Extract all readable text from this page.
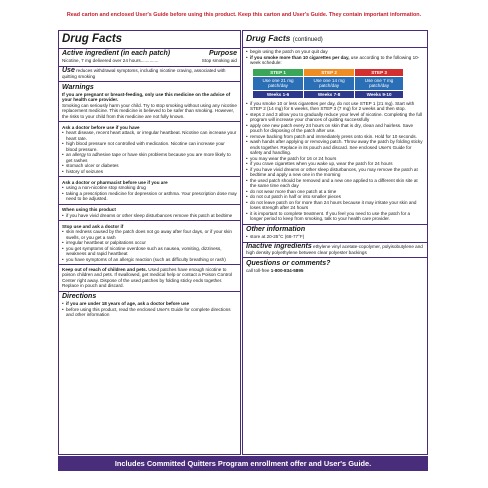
Read carton and enclosed User's Guide before using this product. Keep this carton and User's Guide. They contain important information.
Drug Facts
Active ingredient (in each patch)	Purpose
Nicotine, 7 mg delivered over 24 hours..............	Stop smoking aid
Use reduces withdrawal symptoms, including nicotine craving, associated with quitting smoking
Warnings
If you are pregnant or breast-feeding, only use this medicine on the advice of your health care provider.
Smoking can seriously harm your child. Try to stop smoking without using any nicotine replacement medicine. This medicine is believed to be safer than smoking. However, the risks to your child from this medicine are not fully known.
Ask a doctor before use if you have
• heart disease, recent heart attack, or irregular heartbeat. Nicotine can increase your heart rate.
• high blood pressure not controlled with medication. Nicotine can increase your blood pressure.
• an allergy to adhesive tape or have skin problems because you are more likely to get rashes
• stomach ulcer or diabetes
• history of seizures
Ask a doctor or pharmacist before use if you are
• using a non-nicotine stop smoking drug
• taking a prescription medicine for depression or asthma. Your prescription dose may need to be adjusted.
When using this product
• if you have vivid dreams or other sleep disturbances remove this patch at bedtime
Stop use and ask a doctor if
• skin redness caused by the patch does not go away after four days, or if your skin swells, or you get a rash
• irregular heartbeat or palpitations occur
• you get symptoms of nicotine overdose such as nausea, vomiting, dizziness, weakness and rapid heartbeat
• you have symptoms of an allergic reaction (such as difficulty breathing or rash)
Keep out of reach of children and pets. Used patches have enough nicotine to poison children and pets. If swallowed, get medical help or contact a Poison Control Center right away. Dispose of the used patches by folding sticky ends together. Replace in pouch and discard.
Directions
• if you are under 18 years of age, ask a doctor before use
• before using this product, read the enclosed User's Guide for complete directions and other information
Drug Facts (continued)
• begin using the patch on your quit day
• if you smoke more than 10 cigarettes per day, use according to the following 10-week schedule:
STEP 1	STEP 2	STEP 3
Use one 21 mg patch/day	Use one 14 mg patch/day	Use one 7 mg patch/day
Weeks 1-6	Weeks 7-8	Weeks 9-10
• if you smoke 10 or less cigarettes per day, do not use STEP 1 (21 mg). Start with STEP 2 (14 mg) for 6 weeks, then STEP 3 (7 mg) for 2 weeks and then stop.
• steps 2 and 3 allow you to gradually reduce your level of nicotine. Completing the full program will increase your chances of quitting successfully
• apply one new patch every 24 hours on skin that is dry, clean and hairless. Save pouch for disposing of the patch after use.
• remove backing from patch and immediately press onto skin. Hold for 10 seconds.
• wash hands after applying or removing patch. Throw away the patch by folding sticky ends together. Replace in its pouch and discard. See enclosed User's Guide for safety and handling.
• you may wear the patch for 16 or 24 hours
• if you crave cigarettes when you wake up, wear the patch for 24 hours
• if you have vivid dreams or other sleep disturbances, you may remove the patch at bedtime and apply a new one in the morning
• the used patch should be removed and a new one applied to a different skin site at the same time each day
• do not wear more than one patch at a time
• do not cut patch in half or into smaller pieces
• do not leave patch on for more than 24 hours because it may irritate your skin and loses strength after 24 hours
• it is important to complete treatment. If you feel you need to use the patch for a longer period to keep from smoking, talk to your health care provider.
Other information
• store at 20-25°C (68-77°F)
Inactive ingredients ethylene vinyl acetate-copolymer, polyisobutylene and high density polyethylene between clear polyester backings
Questions or comments?
call toll-free 1-800-834-5895
Includes Committed Quitters Program enrollment offer and User's Guide.
